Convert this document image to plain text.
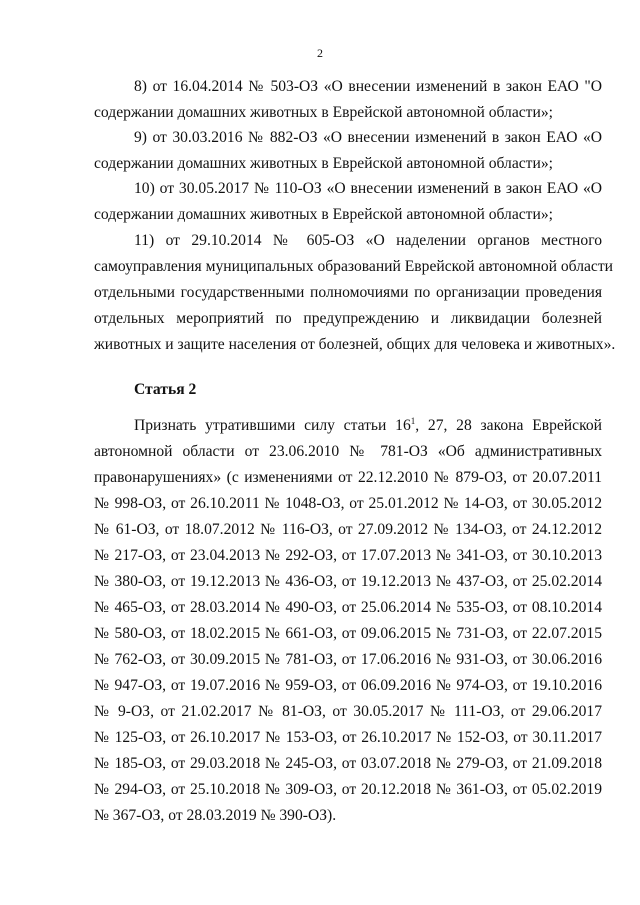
2
8) от 16.04.2014 № 503-ОЗ «О внесении изменений в закон ЕАО "О
содержании домашних животных в Еврейской автономной области»;
9) от 30.03.2016 № 882-ОЗ «О внесении изменений в закон ЕАО «О
содержании домашних животных в Еврейской автономной области»;
10) от 30.05.2017 № 110-ОЗ «О внесении изменений в закон ЕАО «О
содержании домашних животных в Еврейской автономной области»;
11) от 29.10.2014 № 605-ОЗ «О наделении органов местного
самоуправления муниципальных образований Еврейской автономной области
отдельными государственными полномочиями по организации проведения
отдельных мероприятий по предупреждению и ликвидации болезней
животных и защите населения от болезней, общих для человека и животных».
Статья 2
Признать утратившими силу статьи $16^1$, 27, 28 закона Еврейской
автономной области от 23.06.2010 № 781-ОЗ «Об административных
правонарушениях» (с изменениями от 22.12.2010 № 879-ОЗ, от 20.07.2011
№ 998-ОЗ, от 26.10.2011 № 1048-ОЗ, от 25.01.2012 № 14-ОЗ, от 30.05.2012
№ 61-ОЗ, от 18.07.2012 № 116-ОЗ, от 27.09.2012 № 134-ОЗ, от 24.12.2012
№ 217-ОЗ, от 23.04.2013 № 292-ОЗ, от 17.07.2013 № 341-ОЗ, от 30.10.2013
№ 380-ОЗ, от 19.12.2013 № 436-ОЗ, от 19.12.2013 № 437-ОЗ, от 25.02.2014
№ 465-ОЗ, от 28.03.2014 № 490-ОЗ, от 25.06.2014 № 535-ОЗ, от 08.10.2014
№ 580-ОЗ, от 18.02.2015 № 661-ОЗ, от 09.06.2015 № 731-ОЗ, от 22.07.2015
№ 762-ОЗ, от 30.09.2015 № 781-ОЗ, от 17.06.2016 № 931-ОЗ, от 30.06.2016
№ 947-ОЗ, от 19.07.2016 № 959-ОЗ, от 06.09.2016 № 974-ОЗ, от 19.10.2016
№ 9-ОЗ, от 21.02.2017 № 81-ОЗ, от 30.05.2017 № 111-ОЗ, от 29.06.2017
№ 125-ОЗ, от 26.10.2017 № 153-ОЗ, от 26.10.2017 № 152-ОЗ, от 30.11.2017
№ 185-ОЗ, от 29.03.2018 № 245-ОЗ, от 03.07.2018 № 279-ОЗ, от 21.09.2018
№ 294-ОЗ, от 25.10.2018 № 309-ОЗ, от 20.12.2018 № 361-ОЗ, от 05.02.2019
№ 367-ОЗ, от 28.03.2019 № 390-ОЗ).
